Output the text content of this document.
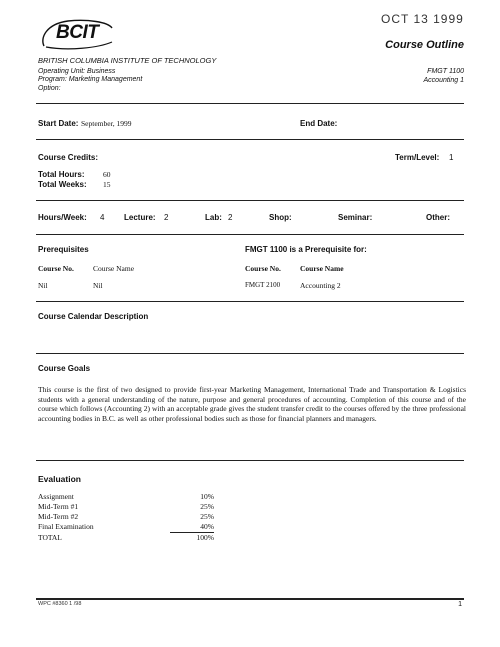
OCT 13 1999
BCIT
Course Outline
BRITISH COLUMBIA INSTITUTE OF TECHNOLOGY
Operating Unit: Business
Program: Marketing Management
Option:
FMGT 1100
Accounting 1
Start Date: September, 1999	End Date:
Course Credits:	Term/Level: 1
Total Hours: 60
Total Weeks: 15
Hours/Week: 4 Lecture: 2	Lab: 2	Shop:	Seminar:	Other:
Prerequisites
Course No.	Course Name
Nil	Nil
FMGT 1100 is a Prerequisite for:
Course No.	Course Name
FMGT 2100	Accounting 2
Course Calendar Description
Course Goals
This course is the first of two designed to provide first-year Marketing Management, International Trade and Transportation & Logistics students with a general understanding of the nature, purpose and general procedures of accounting. Completion of this course and of the course which follows (Accounting 2) with an acceptable grade gives the student transfer credit to the courses offered by the three professional accounting bodies in B.C. as well as other professional bodies such as those for financial planners and managers.
Evaluation
Assignment	10%
Mid-Term #1	25%
Mid-Term #2	25%
Final Examination	40%
TOTAL	100%
WPC #8360 1 /98	1
